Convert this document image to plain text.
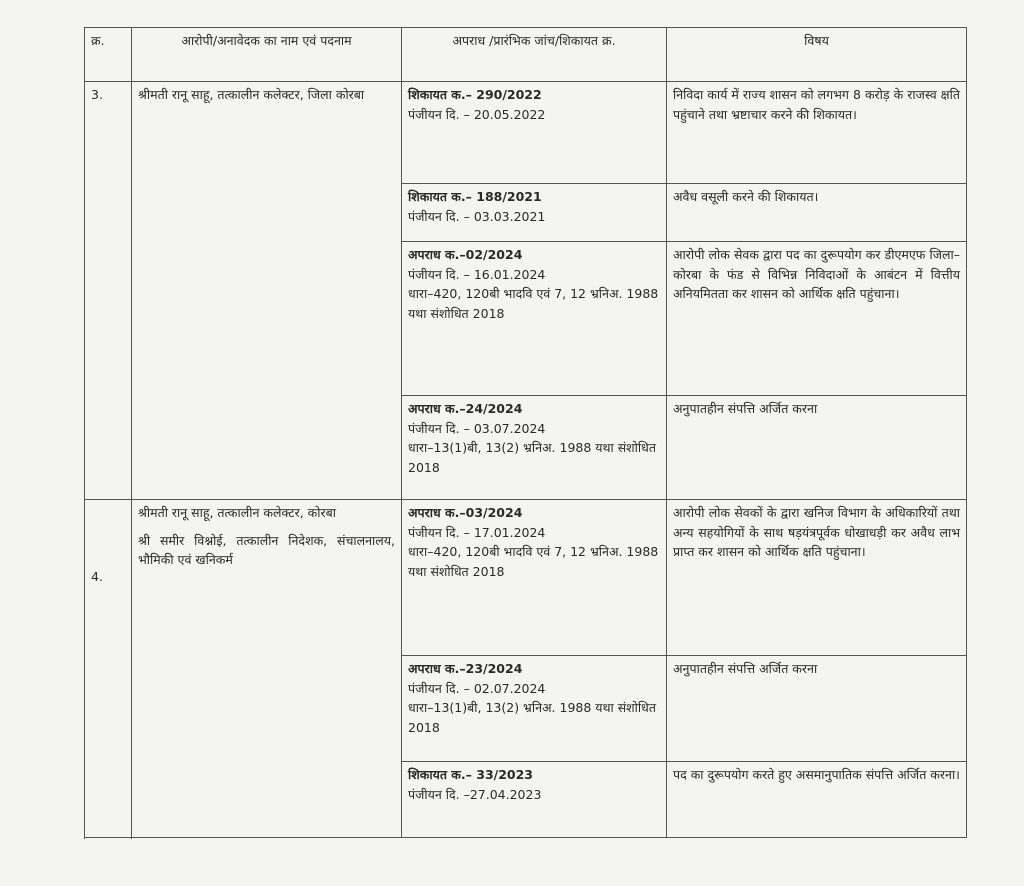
क्र.	आरोपी/अनावेदक का नाम एवं पदनाम	अपराध /प्रारंभिक जांच/शिकायत क्र.	विषय
3.	श्रीमती रानू साहू, तत्कालीन कलेक्टर, जिला कोरबा	शिकायत क.– 290/2022
पंजीयन दि. – 20.05.2022	निविदा कार्य में राज्य शासन को लगभग 8 करोड़ के राजस्व क्षति पहुंचाने तथा भ्रष्टाचार करने की शिकायत।

		शिकायत क.– 188/2021
पंजीयन दि. – 03.03.2021	अवैध वसूली करने की शिकायत।

		अपराध क.–02/2024
पंजीयन दि. – 16.01.2024
धारा–420, 120बी भादवि एवं 7, 12 भ्रनिअ. 1988 यथा संशोधित 2018	आरोपी लोक सेवक द्वारा पद का दुरूपयोग कर डीएमएफ जिला–कोरबा के फंड से विभिन्न निविदाओं के आबंटन में वित्तीय अनियमितता कर शासन को आर्थिक क्षति पहुंचाना।

		अपराध क.–24/2024
पंजीयन दि. – 03.07.2024
धारा–13(1)बी, 13(2) भ्रनिअ. 1988 यथा संशोधित 2018	अनुपातहीन संपत्ति अर्जित करना

4.	श्रीमती रानू साहू, तत्कालीन कलेक्टर, कोरबा
श्री समीर विश्नोई, तत्कालीन निदेशक, संचालनालय, भौमिकी एवं खनिकर्म	अपराध क.–03/2024
पंजीयन दि. – 17.01.2024
धारा–420, 120बी भादवि एवं 7, 12 भ्रनिअ. 1988 यथा संशोधित 2018	आरोपी लोक सेवकों के द्वारा खनिज विभाग के अधिकारियों तथा अन्य सहयोगियों के साथ षड़यंत्रपूर्वक धोखाधड़ी कर अवैध लाभ प्राप्त कर शासन को आर्थिक क्षति पहुंचाना।

		अपराध क.–23/2024
पंजीयन दि. – 02.07.2024
धारा–13(1)बी, 13(2) भ्रनिअ. 1988 यथा संशोधित 2018	अनुपातहीन संपत्ति अर्जित करना

		शिकायत क.– 33/2023
पंजीयन दि. –27.04.2023	पद का दुरूपयोग करते हुए असमानुपातिक संपत्ति अर्जित करना।
